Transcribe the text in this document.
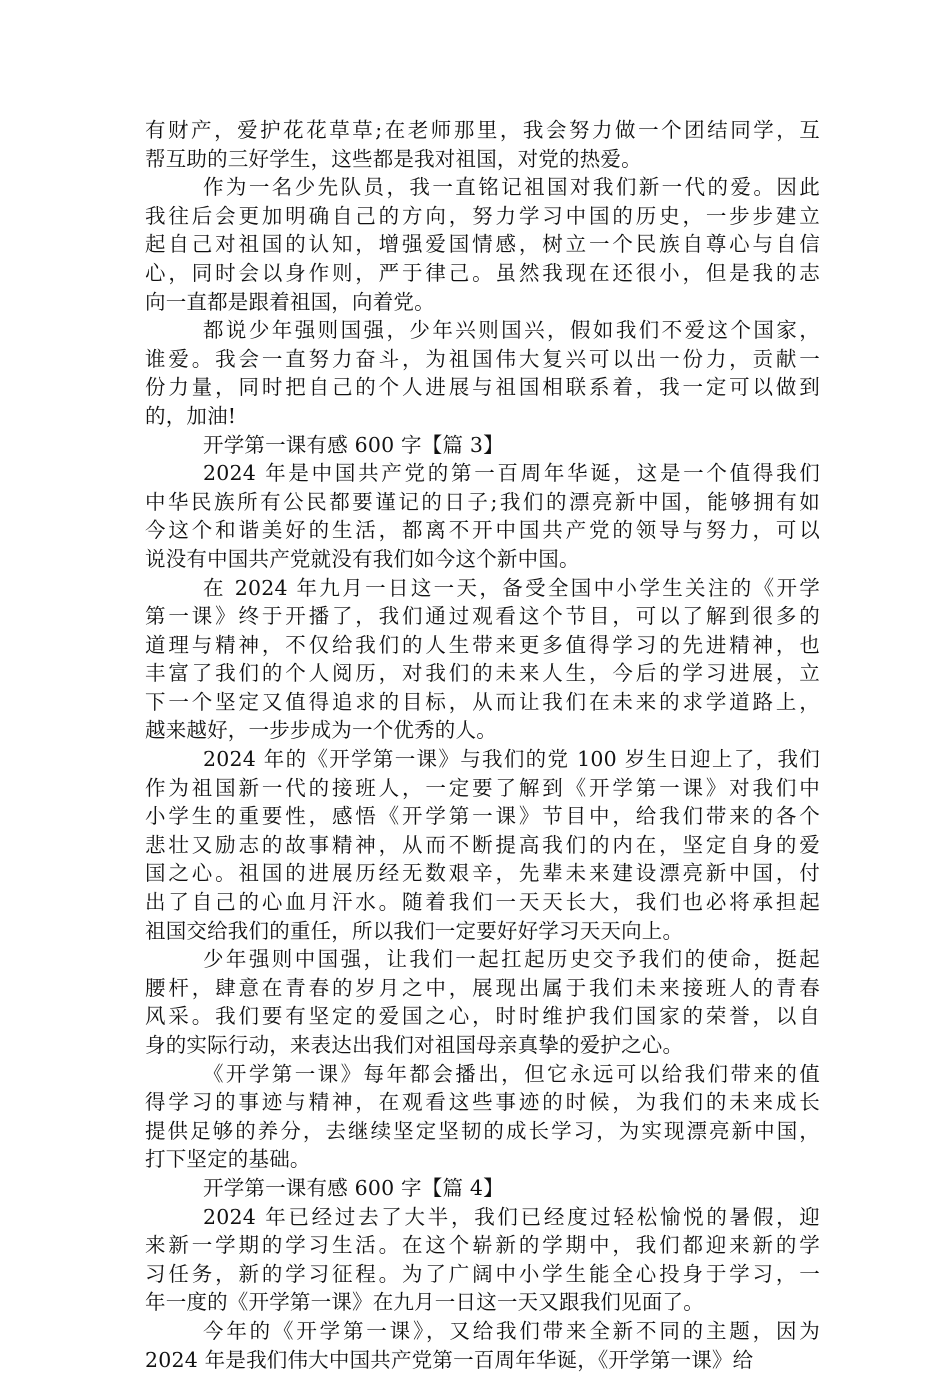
有财产，爱护花花草草;在老师那里，我会努力做一个团结同学，互
帮互助的三好学生，这些都是我对祖国，对党的热爱。
作为一名少先队员，我一直铭记祖国对我们新一代的爱。因此
我往后会更加明确自己的方向，努力学习中国的历史，一步步建立
起自己对祖国的认知，增强爱国情感，树立一个民族自尊心与自信
心，同时会以身作则，严于律己。虽然我现在还很小，但是我的志
向一直都是跟着祖国，向着党。
都说少年强则国强，少年兴则国兴，假如我们不爱这个国家，
谁爱。我会一直努力奋斗，为祖国伟大复兴可以出一份力，贡献一
份力量，同时把自己的个人进展与祖国相联系着，我一定可以做到
的，加油!
开学第一课有感 600 字【篇 3】
2024 年是中国共产党的第一百周年华诞，这是一个值得我们
中华民族所有公民都要谨记的日子;我们的漂亮新中国，能够拥有如
今这个和谐美好的生活，都离不开中国共产党的领导与努力，可以
说没有中国共产党就没有我们如今这个新中国。
在 2024 年九月一日这一天，备受全国中小学生关注的《开学
第一课》终于开播了，我们通过观看这个节目，可以了解到很多的
道理与精神，不仅给我们的人生带来更多值得学习的先进精神，也
丰富了我们的个人阅历，对我们的未来人生，今后的学习进展，立
下一个坚定又值得追求的目标，从而让我们在未来的求学道路上，
越来越好，一步步成为一个优秀的人。
2024 年的《开学第一课》与我们的党 100 岁生日迎上了，我们
作为祖国新一代的接班人，一定要了解到《开学第一课》对我们中
小学生的重要性，感悟《开学第一课》节目中，给我们带来的各个
悲壮又励志的故事精神，从而不断提高我们的内在，坚定自身的爱
国之心。祖国的进展历经无数艰辛，先辈未来建设漂亮新中国，付
出了自己的心血月汗水。随着我们一天天长大，我们也必将承担起
祖国交给我们的重任，所以我们一定要好好学习天天向上。
少年强则中国强，让我们一起扛起历史交予我们的使命，挺起
腰杆，肆意在青春的岁月之中，展现出属于我们未来接班人的青春
风采。我们要有坚定的爱国之心，时时维护我们国家的荣誉，以自
身的实际行动，来表达出我们对祖国母亲真挚的爱护之心。
《开学第一课》每年都会播出，但它永远可以给我们带来的值
得学习的事迹与精神，在观看这些事迹的时候，为我们的未来成长
提供足够的养分，去继续坚定坚韧的成长学习，为实现漂亮新中国，
打下坚定的基础。
开学第一课有感 600 字【篇 4】
2024 年已经过去了大半，我们已经度过轻松愉悦的暑假，迎
来新一学期的学习生活。在这个崭新的学期中，我们都迎来新的学
习任务，新的学习征程。为了广阔中小学生能全心投身于学习，一
年一度的《开学第一课》在九月一日这一天又跟我们见面了。
今年的《开学第一课》，又给我们带来全新不同的主题，因为
2024 年是我们伟大中国共产党第一百周年华诞，《开学第一课》给
